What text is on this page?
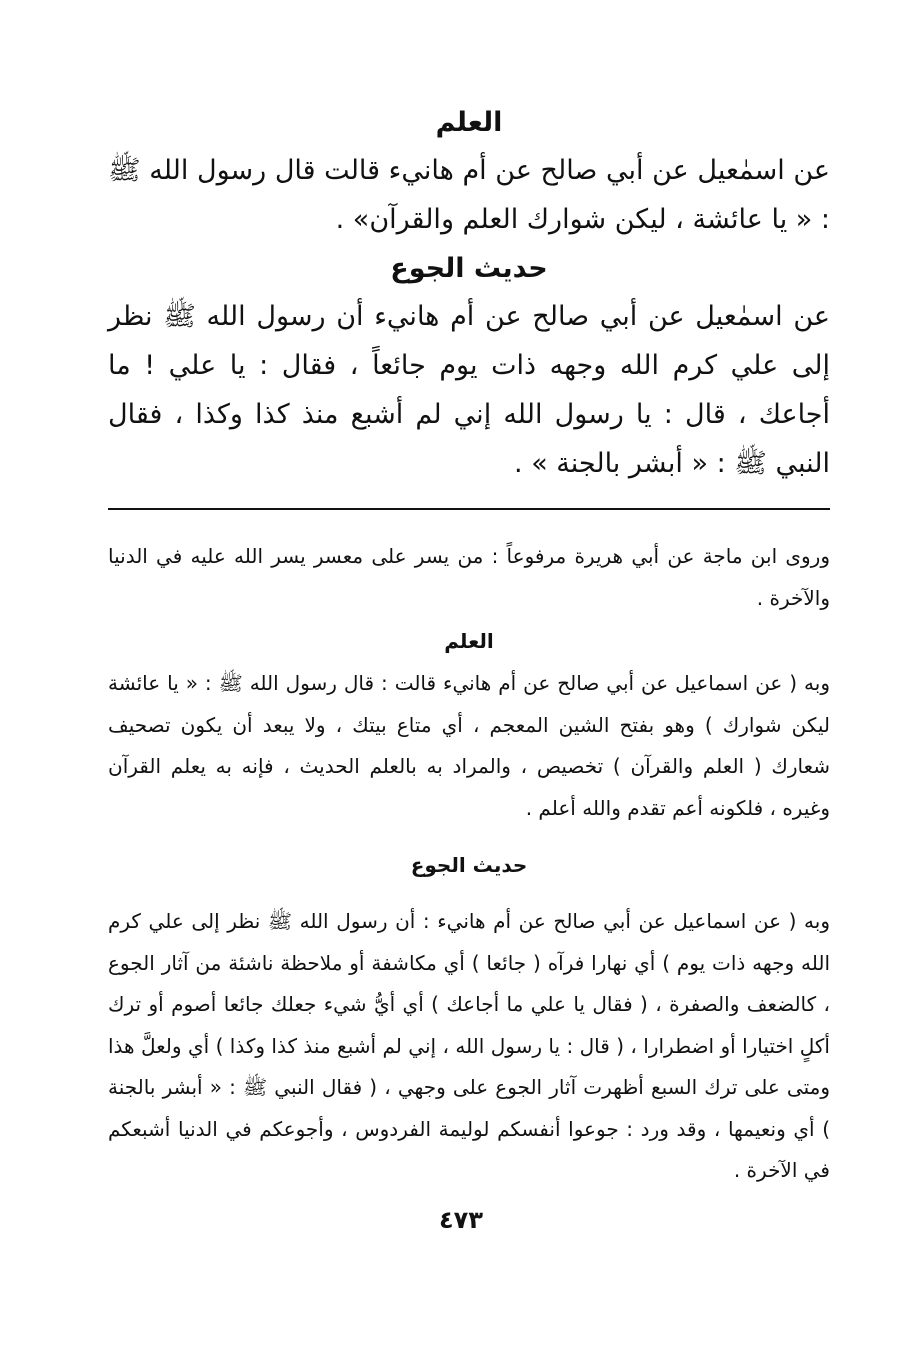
العلم
عن اسمٰعيل عن أبي صالح عن أم هانيء قالت قال رسول الله ﷺ : « يا عائشة ، ليكن شوارك العلم والقرآن» .
حديث الجوع
عن اسمٰعيل عن أبي صالح عن أم هانيء أن رسول الله ﷺ نظر إلى علي كرم الله وجهه ذات يوم جائعاً ، فقال : يا علي ! ما أجاعك ، قال : يا رسول الله إني لم أشبع منذ كذا وكذا ، فقال النبي ﷺ : « أبشر بالجنة » .
وروى ابن ماجة عن أبي هريرة مرفوعاً : من يسر على معسر يسر الله عليه في الدنيا والآخرة .
العلم
وبه ( عن اسماعيل عن أبي صالح عن أم هانيء قالت : قال رسول الله ﷺ : « يا عائشة ليكن شوارك ) وهو بفتح الشين المعجم ، أي متاع بيتك ، ولا يبعد أن يكون تصحيف شعارك ( العلم والقرآن ) تخصيص ، والمراد به بالعلم الحديث ، فإنه به يعلم القرآن وغيره ، فلكونه أعم تقدم والله أعلم .
حديث الجوع
وبه ( عن اسماعيل عن أبي صالح عن أم هانيء : أن رسول الله ﷺ نظر إلى علي كرم الله وجهه ذات يوم ) أي نهارا فرآه ( جائعا ) أي مكاشفة أو ملاحظة ناشئة من آثار الجوع ، كالضعف والصفرة ، ( فقال يا علي ما أجاعك ) أي أيُّ شيء جعلك جائعا أصوم أو ترك أكلٍ اختيارا أو اضطرارا ، ( قال : يا رسول الله ، إني لم أشبع منذ كذا وكذا ) أي ولعلَّ هذا ومتى على ترك السبع أظهرت آثار الجوع على وجهي ، ( فقال النبي ﷺ : « أبشر بالجنة ) أي ونعيمها ، وقد ورد : جوعوا أنفسكم لوليمة الفردوس ، وأجوعكم في الدنيا أشبعكم في الآخرة .
٤٧٣
